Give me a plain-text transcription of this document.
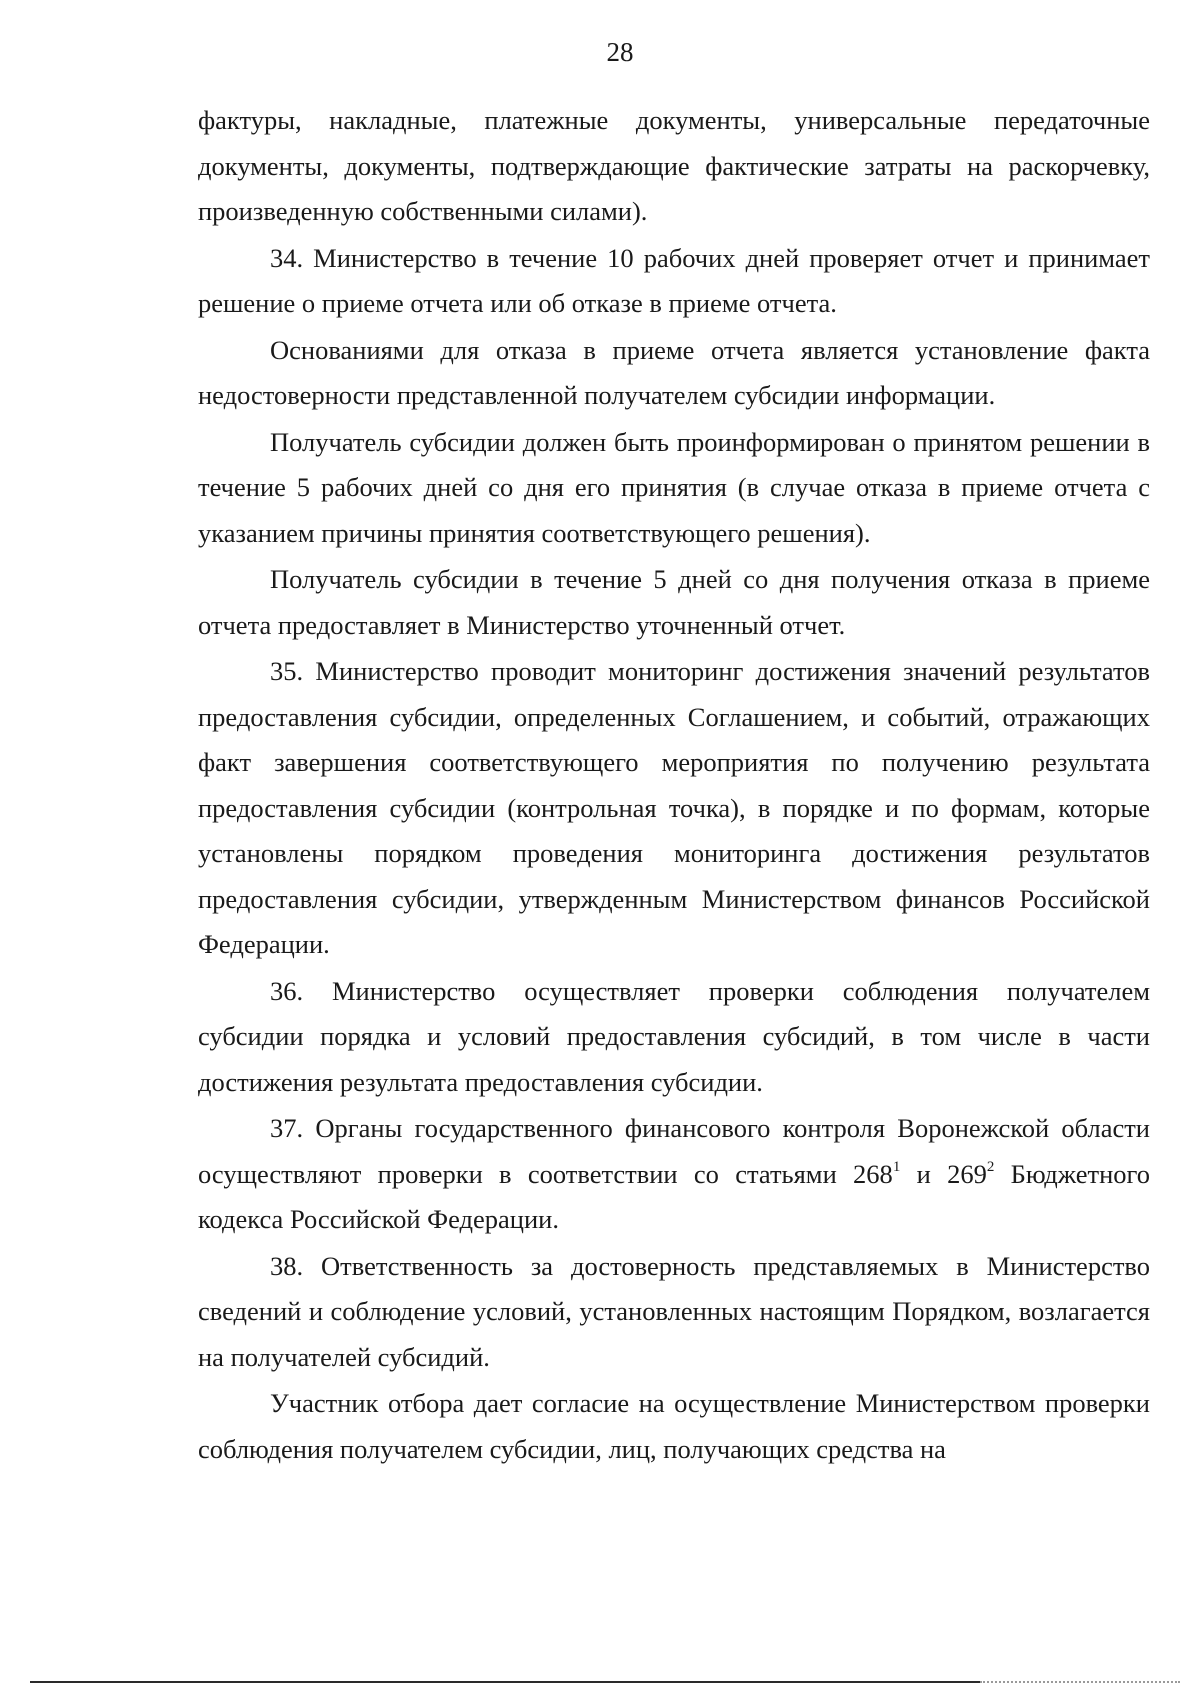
28

фактуры, накладные, платежные документы, универсальные передаточные документы, документы, подтверждающие фактические затраты на раскорчевку, произведенную собственными силами).

34. Министерство в течение 10 рабочих дней проверяет отчет и принимает решение о приеме отчета или об отказе в приеме отчета.

Основаниями для отказа в приеме отчета является установление факта недостоверности представленной получателем субсидии информации.

Получатель субсидии должен быть проинформирован о принятом решении в течение 5 рабочих дней со дня его принятия (в случае отказа в приеме отчета с указанием причины принятия соответствующего решения).

Получатель субсидии в течение 5 дней со дня получения отказа в приеме отчета предоставляет в Министерство уточненный отчет.

35. Министерство проводит мониторинг достижения значений результатов предоставления субсидии, определенных Соглашением, и событий, отражающих факт завершения соответствующего мероприятия по получению результата предоставления субсидии (контрольная точка), в порядке и по формам, которые установлены порядком проведения мониторинга достижения результатов предоставления субсидии, утвержденным Министерством финансов Российской Федерации.

36. Министерство осуществляет проверки соблюдения получателем субсидии порядка и условий предоставления субсидий, в том числе в части достижения результата предоставления субсидии.

37. Органы государственного финансового контроля Воронежской области осуществляют проверки в соответствии со статьями $268^1$ и $269^2$ Бюджетного кодекса Российской Федерации.

38. Ответственность за достоверность представляемых в Министерство сведений и соблюдение условий, установленных настоящим Порядком, возлагается на получателей субсидий.

Участник отбора дает согласие на осуществление Министерством проверки соблюдения получателем субсидии, лиц, получающих средства на
